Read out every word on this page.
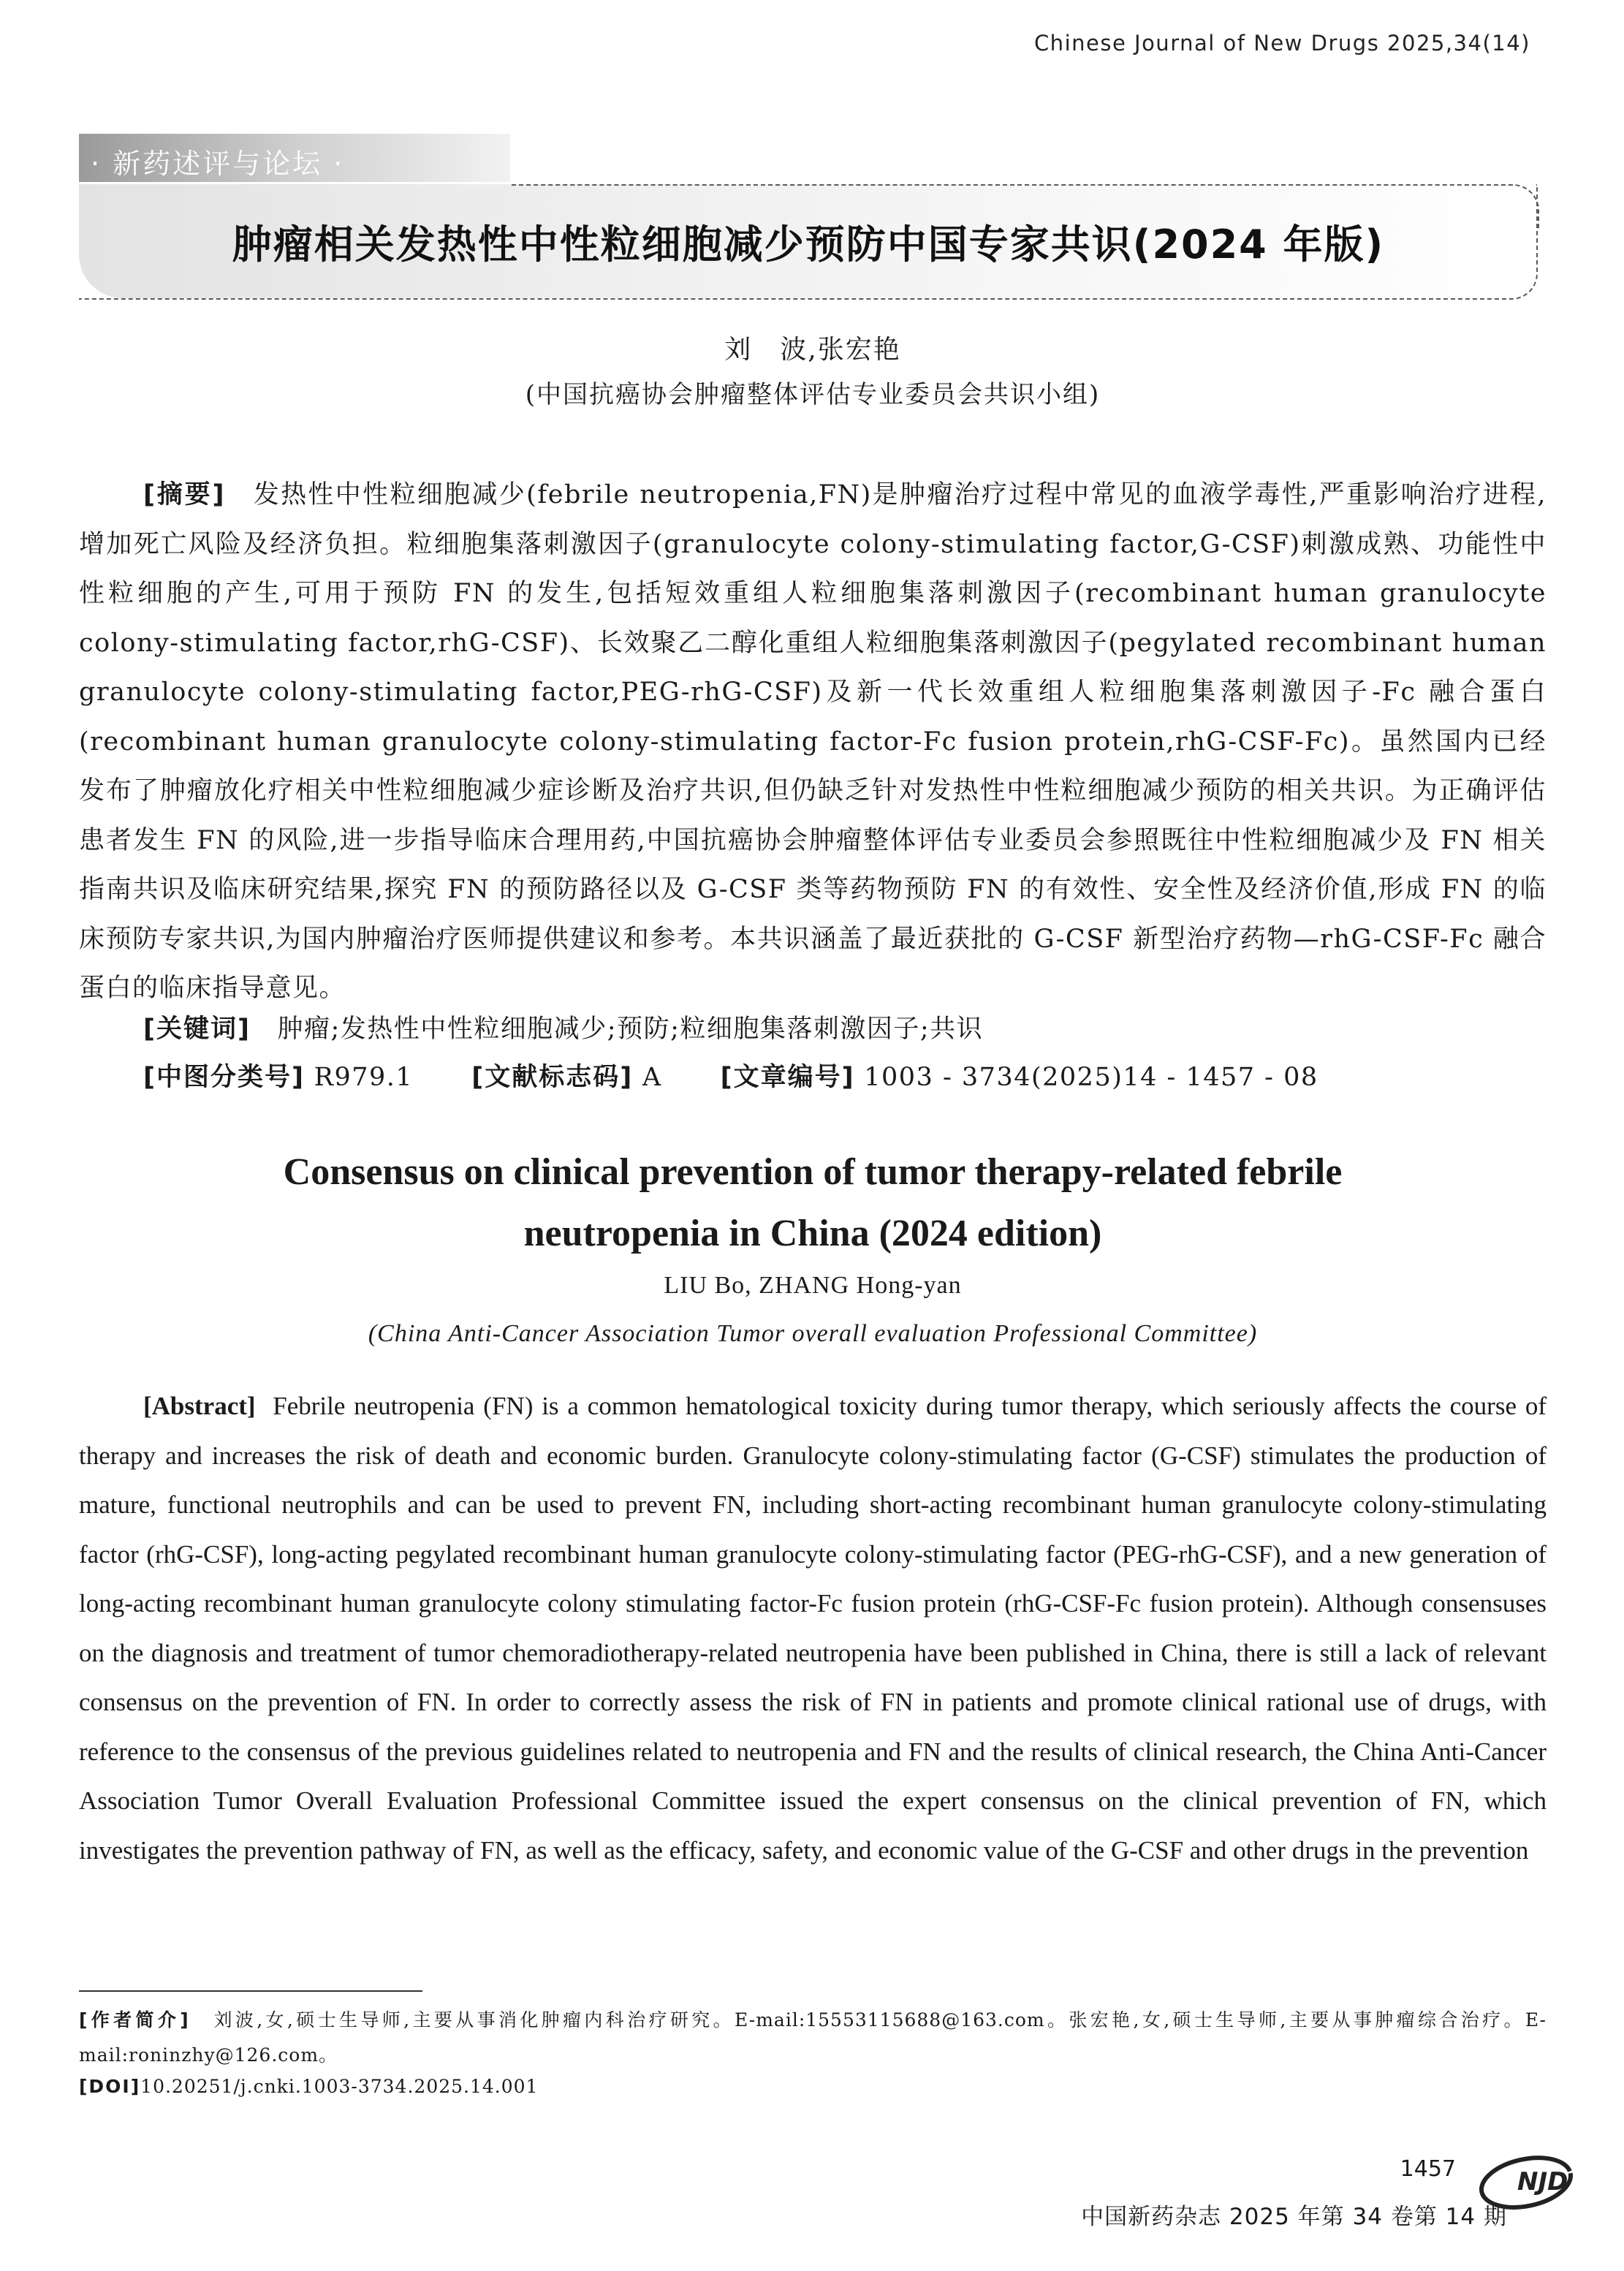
Chinese Journal of New Drugs 2025,34(14)
· 新药述评与论坛 ·
肿瘤相关发热性中性粒细胞减少预防中国专家共识(2024 年版)
刘　波,张宏艳
(中国抗癌协会肿瘤整体评估专业委员会共识小组)
[摘要]　 发热性中性粒细胞减少(febrile neutropenia,FN)是肿瘤治疗过程中常见的血液学毒性,严重影响治疗进程,增加死亡风险及经济负担。粒细胞集落刺激因子(granulocyte colony-stimulating factor,G-CSF)刺激成熟、功能性中性粒细胞的产生,可用于预防 FN 的发生,包括短效重组人粒细胞集落刺激因子(recombinant human granulocyte colony-stimulating factor,rhG-CSF)、长效聚乙二醇化重组人粒细胞集落刺激因子(pegylated recombinant human granulocyte colony-stimulating factor,PEG-rhG-CSF)及新一代长效重组人粒细胞集落刺激因子-Fc 融合蛋白(recombinant human granulocyte colony-stimulating factor-Fc fusion protein,rhG-CSF-Fc)。虽然国内已经发布了肿瘤放化疗相关中性粒细胞减少症诊断及治疗共识,但仍缺乏针对发热性中性粒细胞减少预防的相关共识。为正确评估患者发生 FN 的风险,进一步指导临床合理用药,中国抗癌协会肿瘤整体评估专业委员会参照既往中性粒细胞减少及 FN 相关指南共识及临床研究结果,探究 FN 的预防路径以及 G-CSF 类等药物预防 FN 的有效性、安全性及经济价值,形成 FN 的临床预防专家共识,为国内肿瘤治疗医师提供建议和参考。本共识涵盖了最近获批的 G-CSF 新型治疗药物—rhG-CSF-Fc 融合蛋白的临床指导意见。
[关键词]　 肿瘤;发热性中性粒细胞减少;预防;粒细胞集落刺激因子;共识
[中图分类号] R979.1 [文献标志码] A [文章编号] 1003 - 3734(2025)14 - 1457 - 08
Consensus on clinical prevention of tumor therapy-related febrile
neutropenia in China (2024 edition)
LIU Bo, ZHANG Hong-yan
(China Anti-Cancer Association Tumor overall evaluation Professional Committee)
[Abstract] Febrile neutropenia (FN) is a common hematological toxicity during tumor therapy, which seriously affects the course of therapy and increases the risk of death and economic burden. Granulocyte colony-stimulating factor (G-CSF) stimulates the production of mature, functional neutrophils and can be used to prevent FN, including short-acting recombinant human granulocyte colony-stimulating factor (rhG-CSF), long-acting pegylated recombinant human granulocyte colony-stimulating factor (PEG-rhG-CSF), and a new generation of long-acting recombinant human granulocyte colony stimulating factor-Fc fusion protein (rhG-CSF-Fc fusion protein). Although consensuses on the diagnosis and treatment of tumor chemoradiotherapy-related neutropenia have been published in China, there is still a lack of relevant consensus on the prevention of FN. In order to correctly assess the risk of FN in patients and promote clinical rational use of drugs, with reference to the consensus of the previous guidelines related to neutropenia and FN and the results of clinical research, the China Anti-Cancer Association Tumor Overall Evaluation Professional Committee issued the expert consensus on the clinical prevention of FN, which investigates the prevention pathway of FN, as well as the efficacy, safety, and economic value of the G-CSF and other drugs in the prevention
[作者简介]　 刘波,女,硕士生导师,主要从事消化肿瘤内科治疗研究。E-mail:15553115688@163.com。张宏艳,女,硕士生导师,主要从事肿瘤综合治疗。E-mail:roninzhy@126.com。
[DOI]10.20251/j.cnki.1003-3734.2025.14.001
1457
中国新药杂志 2025 年第 34 卷第 14 期
NJD
